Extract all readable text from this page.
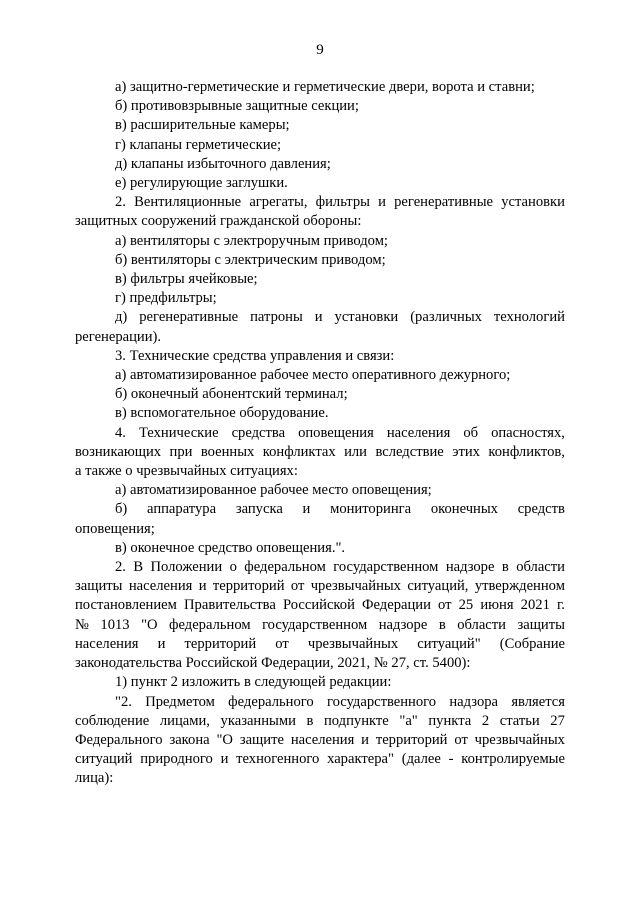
9
а) защитно-герметические и герметические двери, ворота и ставни;
б) противовзрывные защитные секции;
в) расширительные камеры;
г) клапаны герметические;
д) клапаны избыточного давления;
е) регулирующие заглушки.
2. Вентиляционные агрегаты, фильтры и регенеративные установки
защитных сооружений гражданской обороны:
а) вентиляторы с электроручным приводом;
б) вентиляторы с электрическим приводом;
в) фильтры ячейковые;
г) предфильтры;
д) регенеративные патроны и установки (различных технологий
регенерации).
3. Технические средства управления и связи:
а) автоматизированное рабочее место оперативного дежурного;
б) оконечный абонентский терминал;
в) вспомогательное оборудование.
4. Технические средства оповещения населения об опасностях,
возникающих при военных конфликтах или вследствие этих конфликтов,
а также о чрезвычайных ситуациях:
а) автоматизированное рабочее место оповещения;
б) аппаратура запуска и мониторинга оконечных средств
оповещения;
в) оконечное средство оповещения.".
2. В Положении о федеральном государственном надзоре в области
защиты населения и территорий от чрезвычайных ситуаций, утвержденном
постановлением Правительства Российской Федерации от 25 июня 2021 г.
№ 1013 "О федеральном государственном надзоре в области защиты
населения и территорий от чрезвычайных ситуаций" (Собрание
законодательства Российской Федерации, 2021, № 27, ст. 5400):
1) пункт 2 изложить в следующей редакции:
"2. Предметом федерального государственного надзора является
соблюдение лицами, указанными в подпункте "а" пункта 2 статьи 27
Федерального закона "О защите населения и территорий от чрезвычайных
ситуаций природного и техногенного характера" (далее - контролируемые
лица):
